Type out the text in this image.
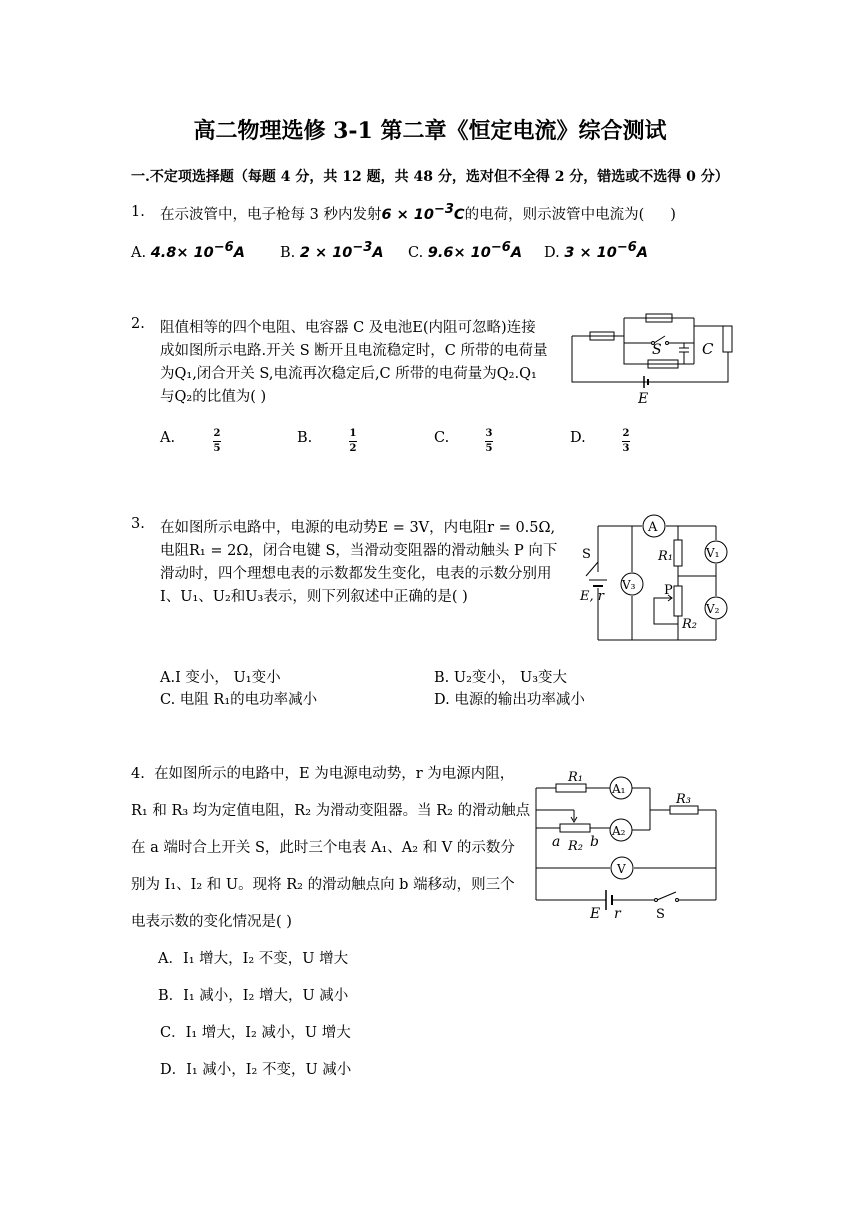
高二物理选修 3-1 第二章《恒定电流》综合测试
一.不定项选择题（每题 4 分，共 12 题，共 48 分，选对但不全得 2 分，错选或不选得 0 分）
1. 在示波管中，电子枪每 3 秒内发射$6 \times 10^{-3}C$的电荷，则示波管中电流为( )
A. $4.8\times 10^{-6}A$ B. $2 \times 10^{-3}A$ C. $9.6\times 10^{-6}A$ D. $3 \times 10^{-6}A$
2. 阻值相等的四个电阻、电容器 C 及电池E(内阻可忽略)连接
成如图所示电路.开关 S 断开且电流稳定时，C 所带的电荷量
为Q₁,闭合开关 S,电流再次稳定后,C 所带的电荷量为Q₂.Q₁
与Q₂的比值为( )
S	C
E
A.	$\frac{2}{5}$	B.	$\frac{1}{2}$	C.	$\frac{3}{5}$	D.	$\frac{2}{3}$
3. 在如图所示电路中，电源的电动势E = 3V，内电阻r = 0.5Ω,
电阻R₁ = 2Ω，闭合电键 S，当滑动变阻器的滑动触头 P 向下
滑动时，四个理想电表的示数都发生变化，电表的示数分别用
I、U₁、U₂和U₃表示，则下列叙述中正确的是( )
A
V₃
V₁
V₂
R₁
S
E, r	P
R₂
A.I 变小， U₁变小	B. U₂变小， U₃变大
C. 电阻 R₁的电功率减小	D. 电源的输出功率减小
4. 在如图所示的电路中，E 为电源电动势，r 为电源内阻，
R₁ 和 R₃ 均为定值电阻，R₂ 为滑动变阻器。当 R₂ 的滑动触点
在 a 端时合上开关 S，此时三个电表 A₁、A₂ 和 V 的示数分
别为 I₁、I₂ 和 U。现将 R₂ 的滑动触点向 b 端移动，则三个
电表示数的变化情况是( )
A₁
A₂
V
R₁
R₃
a R₂ b
E r	S
A．I₁ 增大，I₂ 不变，U 增大
B．I₁ 减小，I₂ 增大，U 减小
C．I₁ 增大，I₂ 减小，U 增大
D．I₁ 减小，I₂ 不变，U 减小
